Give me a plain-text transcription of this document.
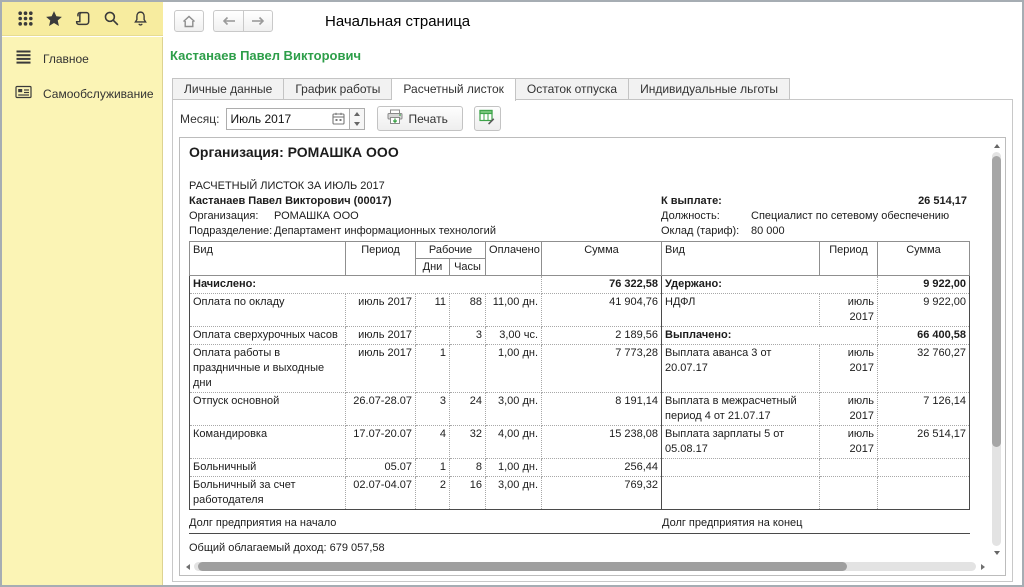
Главное
Самообслуживание
Начальная страница
Кастанаев Павел Викторович
Личные данные	График работы	Расчетный листок	Остаток отпуска	Индивидуальные льготы
Месяц:
Июль 2017	Печать
Организация: РОМАШКА ООО
РАСЧЕТНЫЙ ЛИСТОК ЗА ИЮЛЬ 2017
Кастанаев Павел Викторович (00017)	К выплате:	26 514,17
Организация:	РОМАШКА ООО	Должность:	Специалист по сетевому обеспечению
Подразделение: Департамент информационных технологий	Оклад (тариф):	80 000
Вид	Период	Рабочие		Оплачено	Сумма	Вид	Период	Сумма
		Дни	Часы					
Начислено:					76 322,58	Удержано:		9 922,00
Оплата по окладу	июль 2017	11	88	11,00 дн.	41 904,76	НДФЛ	июль 2017	9 922,00
Оплата сверхурочных часов	июль 2017		3	3,00 чс.	2 189,56	Выплачено:		66 400,58
Оплата работы в праздничные и выходные дни	июль 2017	1		1,00 дн.	7 773,28	Выплата аванса 3 от 20.07.17	июль 2017	32 760,27
Отпуск основной	26.07-28.07	3	24	3,00 дн.	8 191,14	Выплата в межрасчетный период 4 от 21.07.17	июль 2017	7 126,14
Командировка	17.07-20.07	4	32	4,00 дн.	15 238,08	Выплата зарплаты 5 от 05.08.17	июль 2017	26 514,17
Больничный	05.07	1	8	1,00 дн.	256,44			
Больничный за счет работодателя	02.07-04.07	2	16	3,00 дн.	769,32			
Долг предприятия на начало	Долг предприятия на конец
Общий облагаемый доход: 679 057,58
